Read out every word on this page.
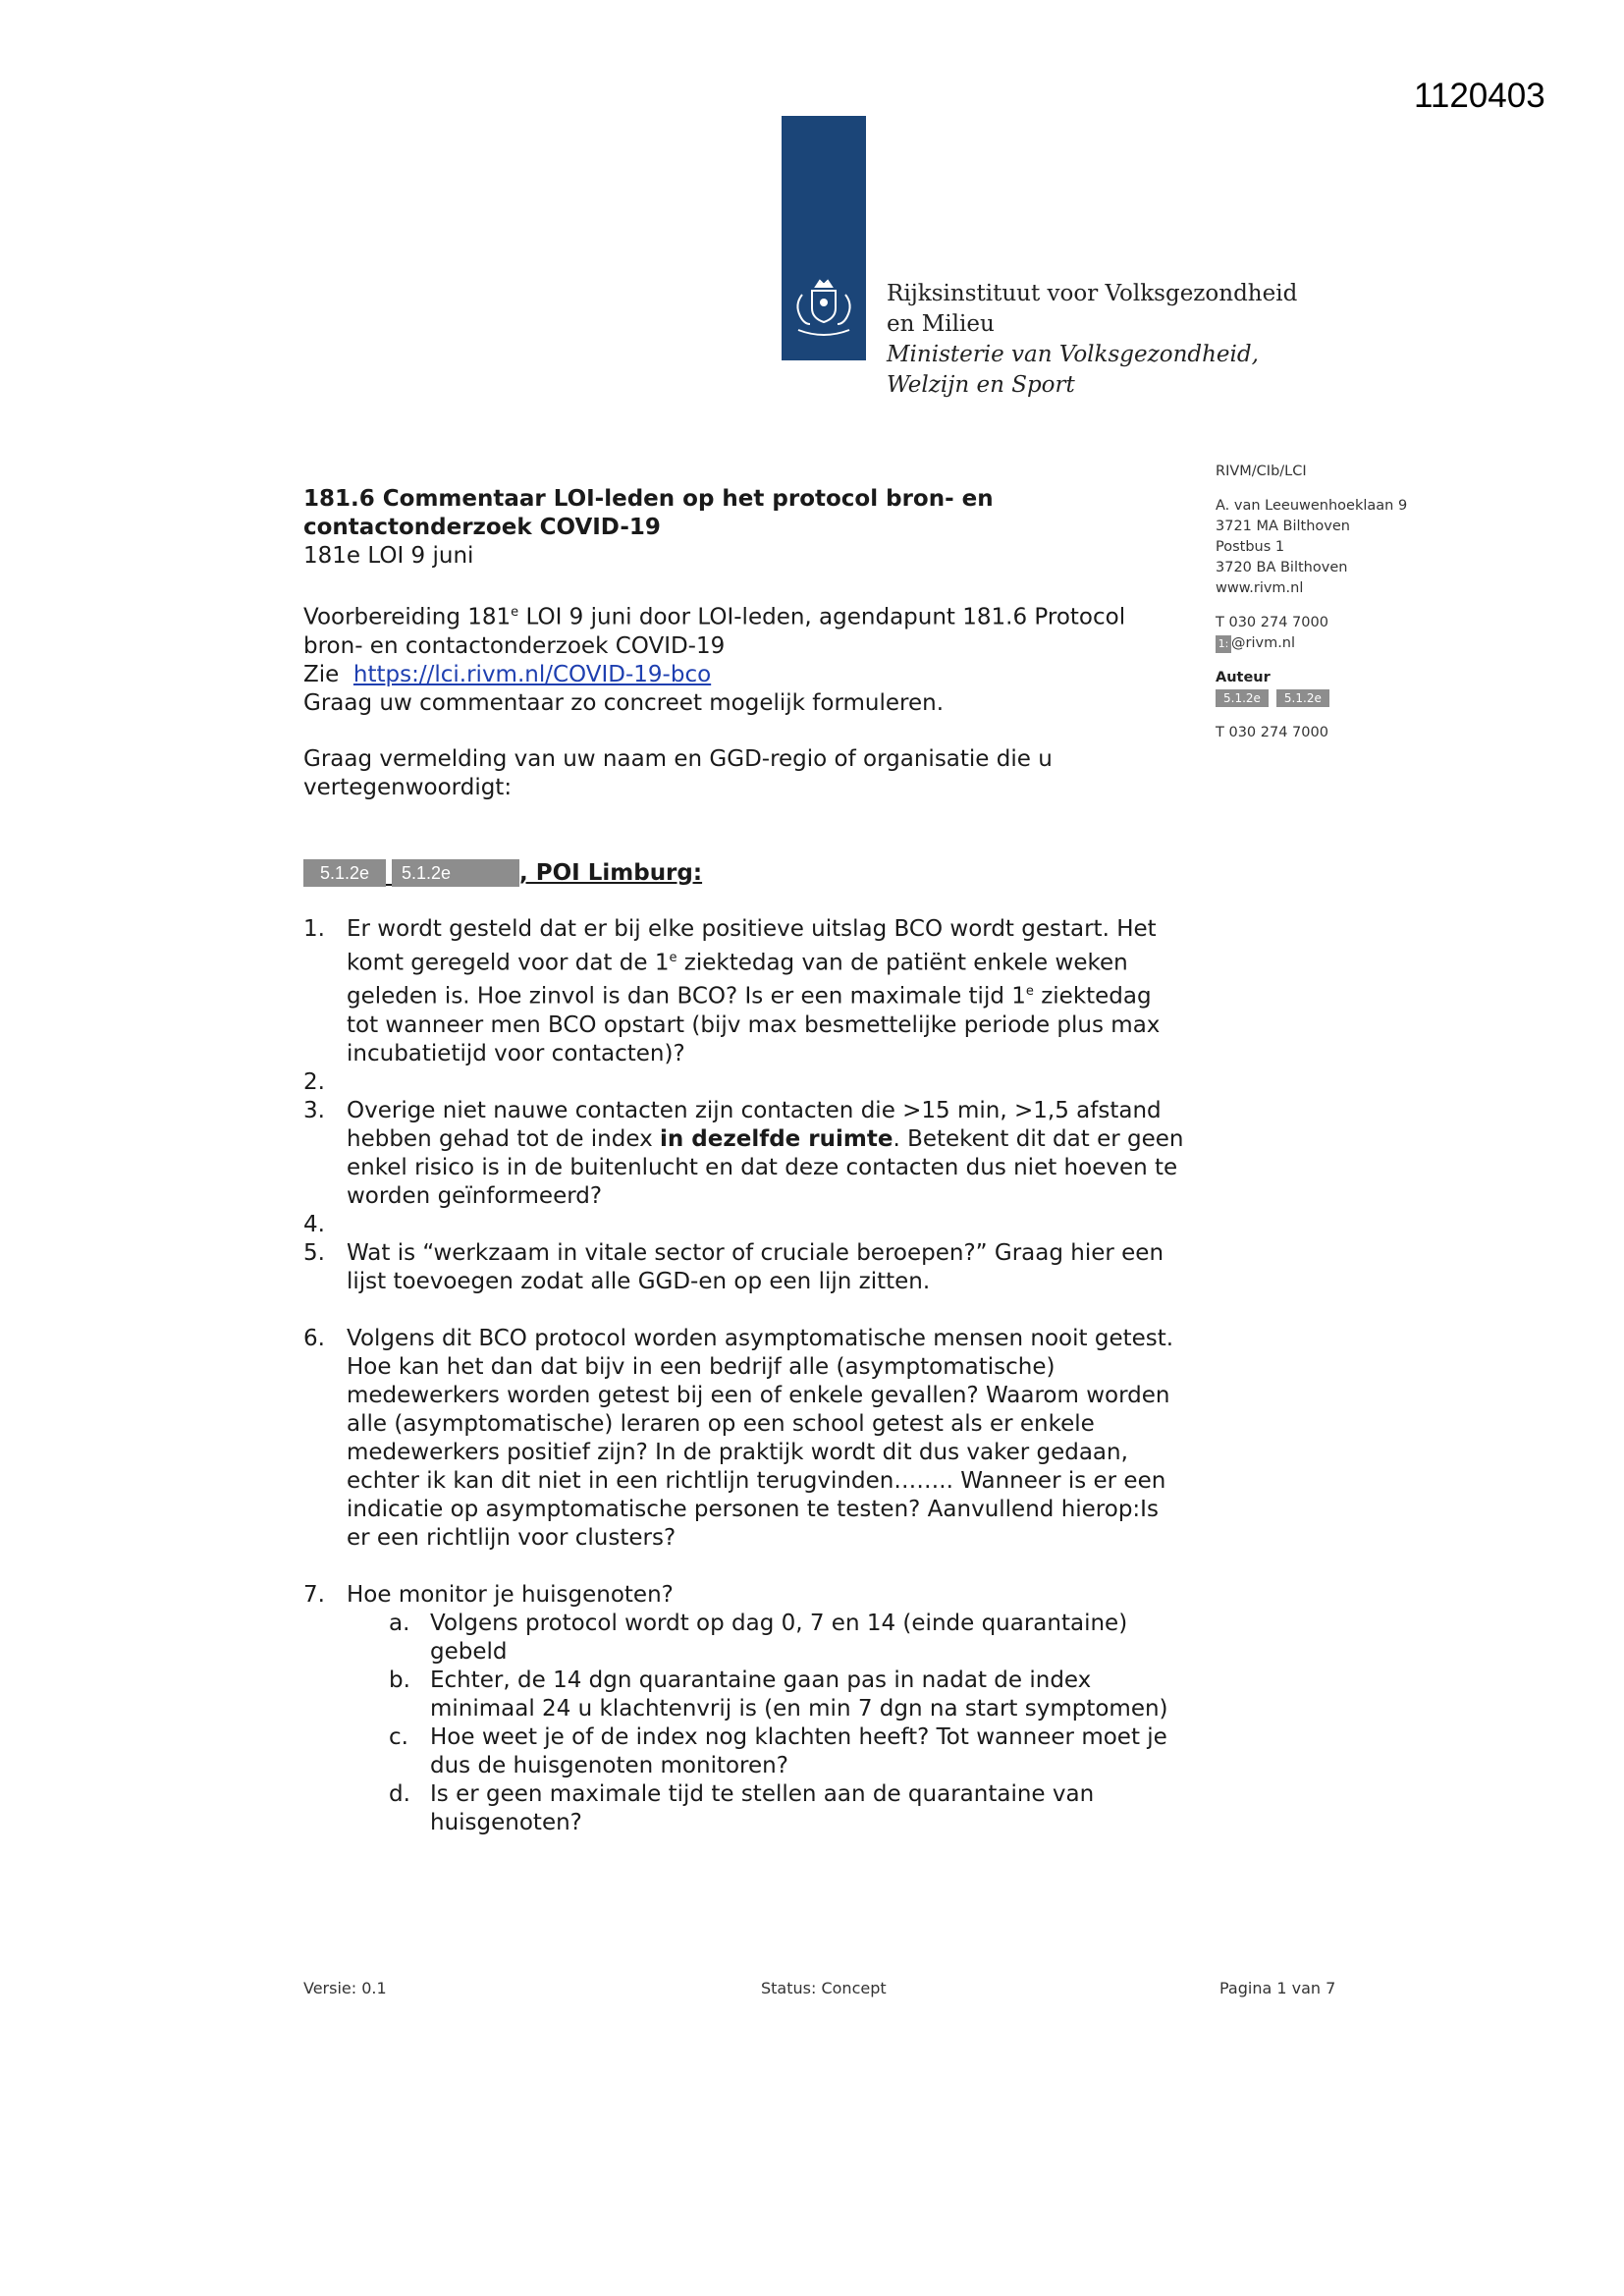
1120403
Rijksinstituut voor Volksgezondheid
en Milieu
Ministerie van Volksgezondheid,
Welzijn en Sport
RIVM/CIb/LCI
A. van Leeuwenhoeklaan 9
3721 MA Bilthoven
Postbus 1
3720 BA Bilthoven
www.rivm.nl
T 030 274 7000
1: @rivm.nl
Auteur
5.1.2e 5.1.2e
T 030 274 7000
181.6 Commentaar LOI-leden op het protocol bron- en
contactonderzoek COVID-19
181e LOI 9 juni
Voorbereiding 181e LOI 9 juni door LOI-leden, agendapunt 181.6 Protocol
bron- en contactonderzoek COVID-19
Zie  https://lci.rivm.nl/COVID-19-bco
Graag uw commentaar zo concreet mogelijk formuleren.
Graag vermelding van uw naam en GGD-regio of organisatie die u
vertegenwoordigt:
5.1.2e	5.1.2e	, POI Limburg:
1. Er wordt gesteld dat er bij elke positieve uitslag BCO wordt gestart. Het komt geregeld voor dat de 1e ziektedag van de patiënt enkele weken geleden is. Hoe zinvol is dan BCO? Is er een maximale tijd 1e ziektedag tot wanneer men BCO opstart (bijv max besmettelijke periode plus max incubatietijd voor contacten)?
2.
3. Overige niet nauwe contacten zijn contacten die >15 min, >1,5 afstand hebben gehad tot de index in dezelfde ruimte. Betekent dit dat er geen enkel risico is in de buitenlucht en dat deze contacten dus niet hoeven te worden geïnformeerd?
4.
5. Wat is “werkzaam in vitale sector of cruciale beroepen?” Graag hier een lijst toevoegen zodat alle GGD-en op een lijn zitten.
6. Volgens dit BCO protocol worden asymptomatische mensen nooit getest. Hoe kan het dan dat bijv in een bedrijf alle (asymptomatische) medewerkers worden getest bij een of enkele gevallen? Waarom worden alle (asymptomatische) leraren op een school getest als er enkele medewerkers positief zijn? In de praktijk wordt dit dus vaker gedaan, echter ik kan dit niet in een richtlijn terugvinden…….. Wanneer is er een indicatie op asymptomatische personen te testen? Aanvullend hierop:Is er een richtlijn voor clusters?
7. Hoe monitor je huisgenoten?
a. Volgens protocol wordt op dag 0, 7 en 14 (einde quarantaine) gebeld
b. Echter, de 14 dgn quarantaine gaan pas in nadat de index minimaal 24 u klachtenvrij is (en min 7 dgn na start symptomen)
c. Hoe weet je of de index nog klachten heeft? Tot wanneer moet je dus de huisgenoten monitoren?
d. Is er geen maximale tijd te stellen aan de quarantaine van huisgenoten?
Versie: 0.1	Status: Concept	Pagina 1 van 7
